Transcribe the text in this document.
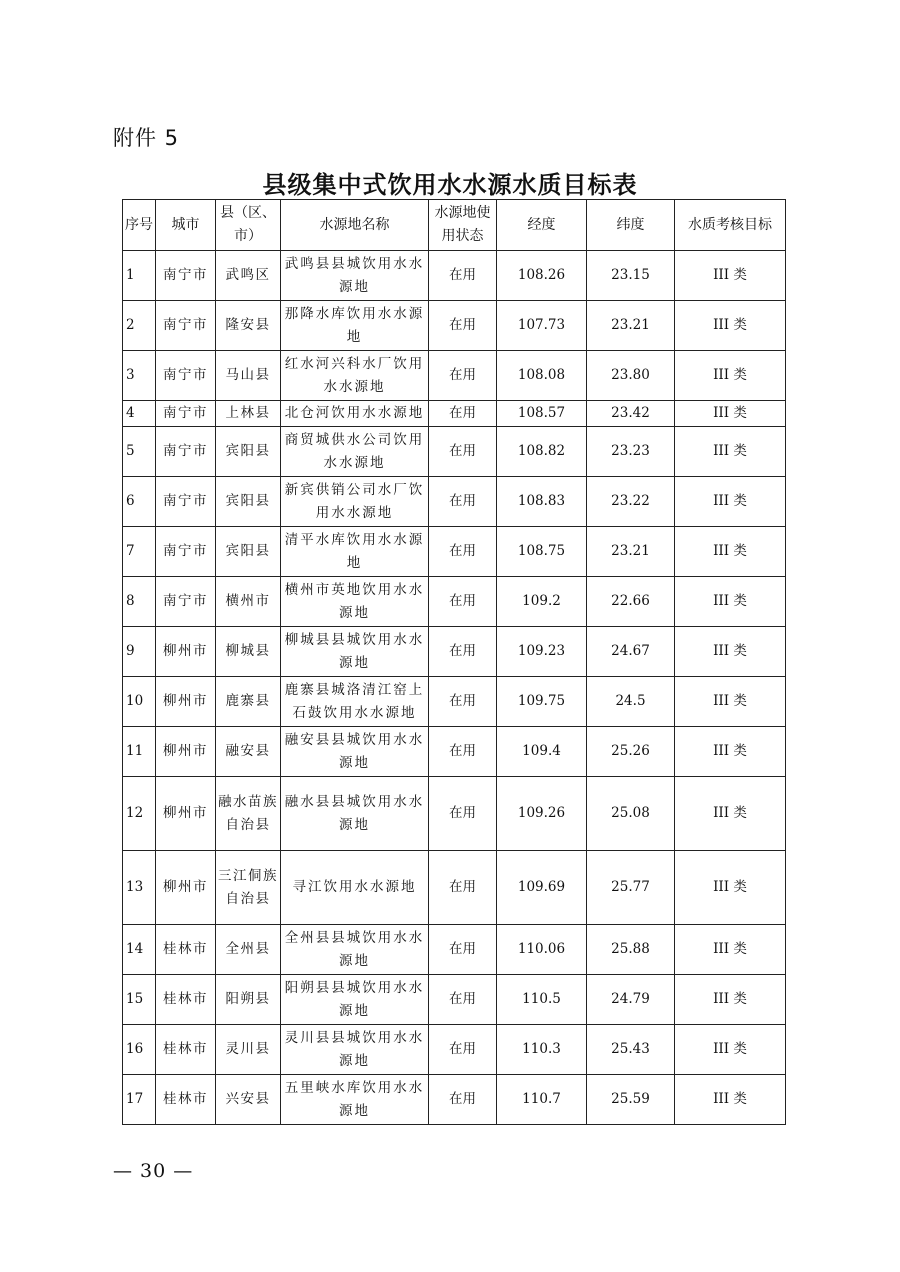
附件 5
县级集中式饮用水水源水质目标表
序号	城市	县（区、市）	水源地名称	水源地使用状态	经度	纬度	水质考核目标
1	南宁市	武鸣区	武鸣县县城饮用水水源地	在用	108.26	23.15	III 类
2	南宁市	隆安县	那降水库饮用水水源地	在用	107.73	23.21	III 类
3	南宁市	马山县	红水河兴科水厂饮用水水源地	在用	108.08	23.80	III 类
4	南宁市	上林县	北仓河饮用水水源地	在用	108.57	23.42	III 类
5	南宁市	宾阳县	商贸城供水公司饮用水水源地	在用	108.82	23.23	III 类
6	南宁市	宾阳县	新宾供销公司水厂饮用水水源地	在用	108.83	23.22	III 类
7	南宁市	宾阳县	清平水库饮用水水源地	在用	108.75	23.21	III 类
8	南宁市	横州市	横州市英地饮用水水源地	在用	109.2	22.66	III 类
9	柳州市	柳城县	柳城县县城饮用水水源地	在用	109.23	24.67	III 类
10	柳州市	鹿寨县	鹿寨县城洛清江窑上石鼓饮用水水源地	在用	109.75	24.5	III 类
11	柳州市	融安县	融安县县城饮用水水源地	在用	109.4	25.26	III 类
12	柳州市	融水苗族自治县	融水县县城饮用水水源地	在用	109.26	25.08	III 类
13	柳州市	三江侗族自治县	寻江饮用水水源地	在用	109.69	25.77	III 类
14	桂林市	全州县	全州县县城饮用水水源地	在用	110.06	25.88	III 类
15	桂林市	阳朔县	阳朔县县城饮用水水源地	在用	110.5	24.79	III 类
16	桂林市	灵川县	灵川县县城饮用水水源地	在用	110.3	25.43	III 类
17	桂林市	兴安县	五里峡水库饮用水水源地	在用	110.7	25.59	III 类
— 30 —
